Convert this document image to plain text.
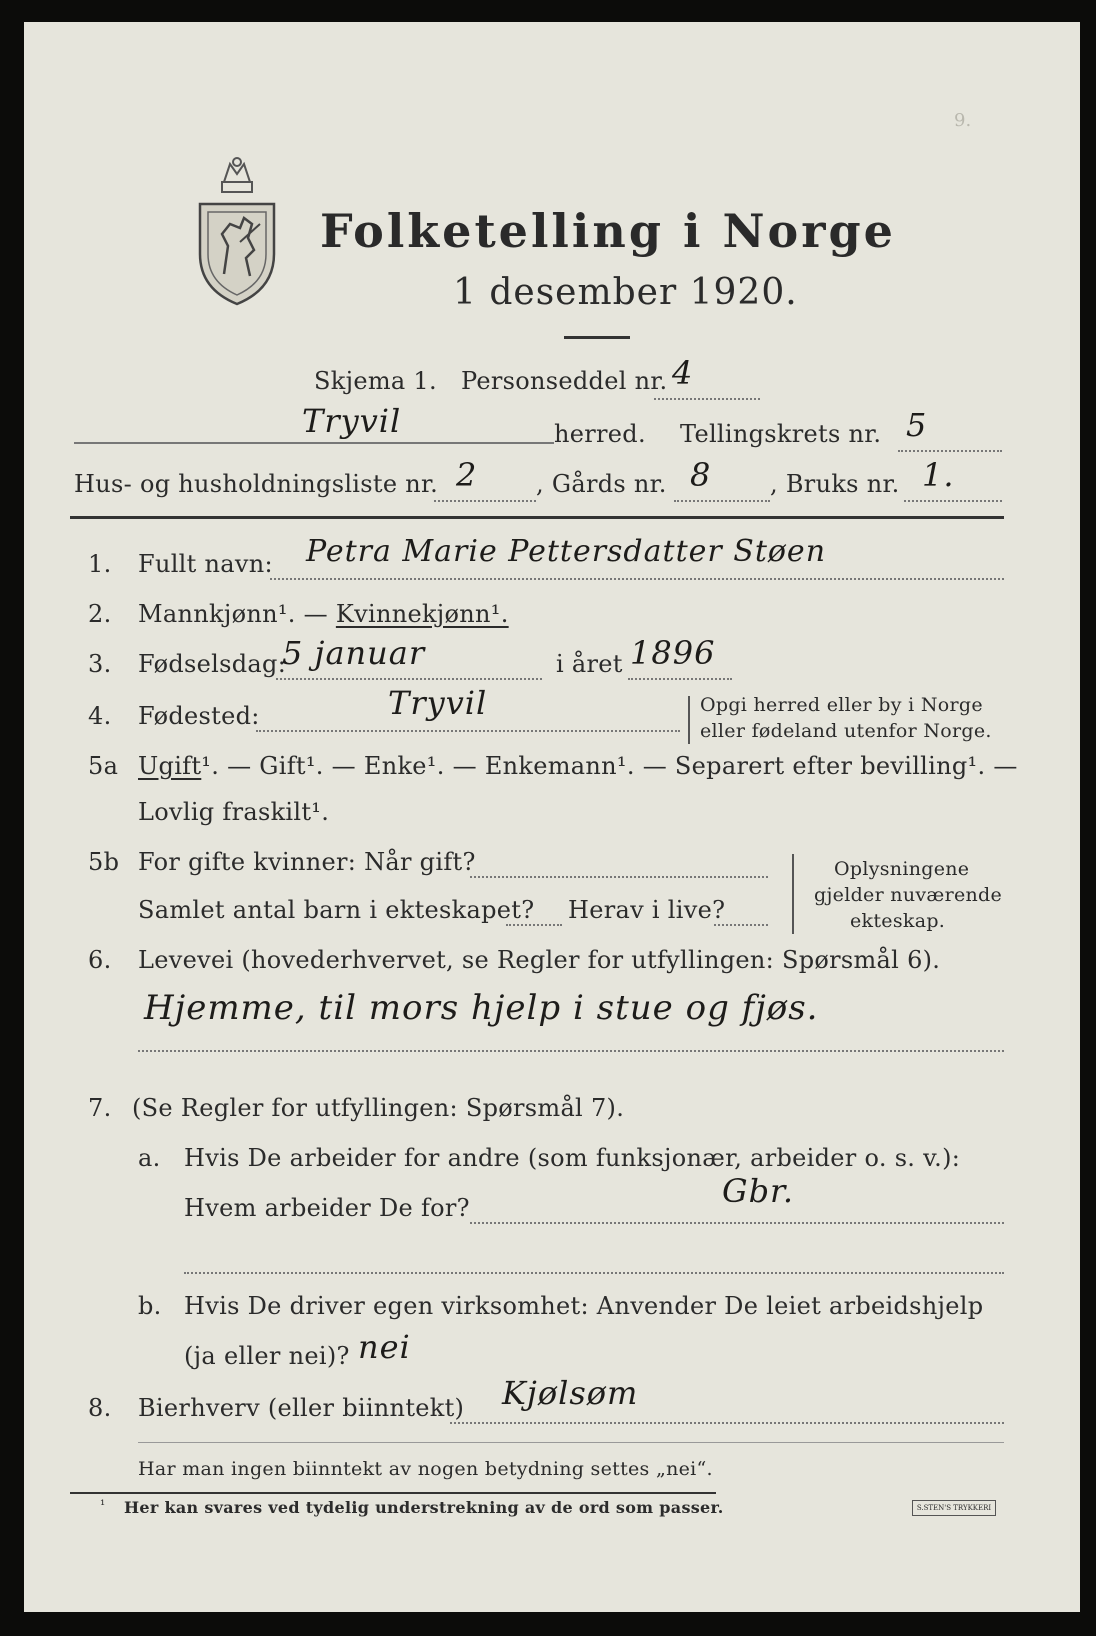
9.
Folketelling i Norge
1 desember 1920.
Skjema 1. Personseddel nr. 4
Tryvil	herred. Tellingskrets nr. 5
Hus- og husholdningsliste nr. 2 , Gårds nr. 8 , Bruks nr. 1.
1. Fullt navn: Petra Marie Pettersdatter Støen
2. Mannkjønn¹. — Kvinnekjønn¹.
3. Fødselsdag:
5 januar	i året 1896
4. Fødested:	Tryvil	Opgi herred eller by i Norge
eller fødeland utenfor Norge.
5a Ugift¹. — Gift¹. — Enke¹. — Enkemann¹. — Separert efter bevilling¹. —
Lovlig fraskilt¹.
5b For gifte kvinner: Når gift?
Samlet antal barn i ekteskapet? Herav i live?
Oplysningene
gjelder nuværende
ekteskap.
6. Levevei (hovederhvervet, se Regler for utfyllingen: Spørsmål 6).
Hjemme, til mors hjelp i stue og fjøs.
7. (Se Regler for utfyllingen: Spørsmål 7).
a. Hvis De arbeider for andre (som funksjonær, arbeider o. s. v.):
Hvem arbeider De for?	Gbr.
b. Hvis De driver egen virksomhet: Anvender De leiet arbeidshjelp
(ja eller nei)? nei
8. Bierhverv (eller biinntekt) Kjølsøm
Har man ingen biinntekt av nogen betydning settes „nei“.
¹ Her kan svares ved tydelig understrekning av de ord som passer.	S.STEN'S TRYKKERI
